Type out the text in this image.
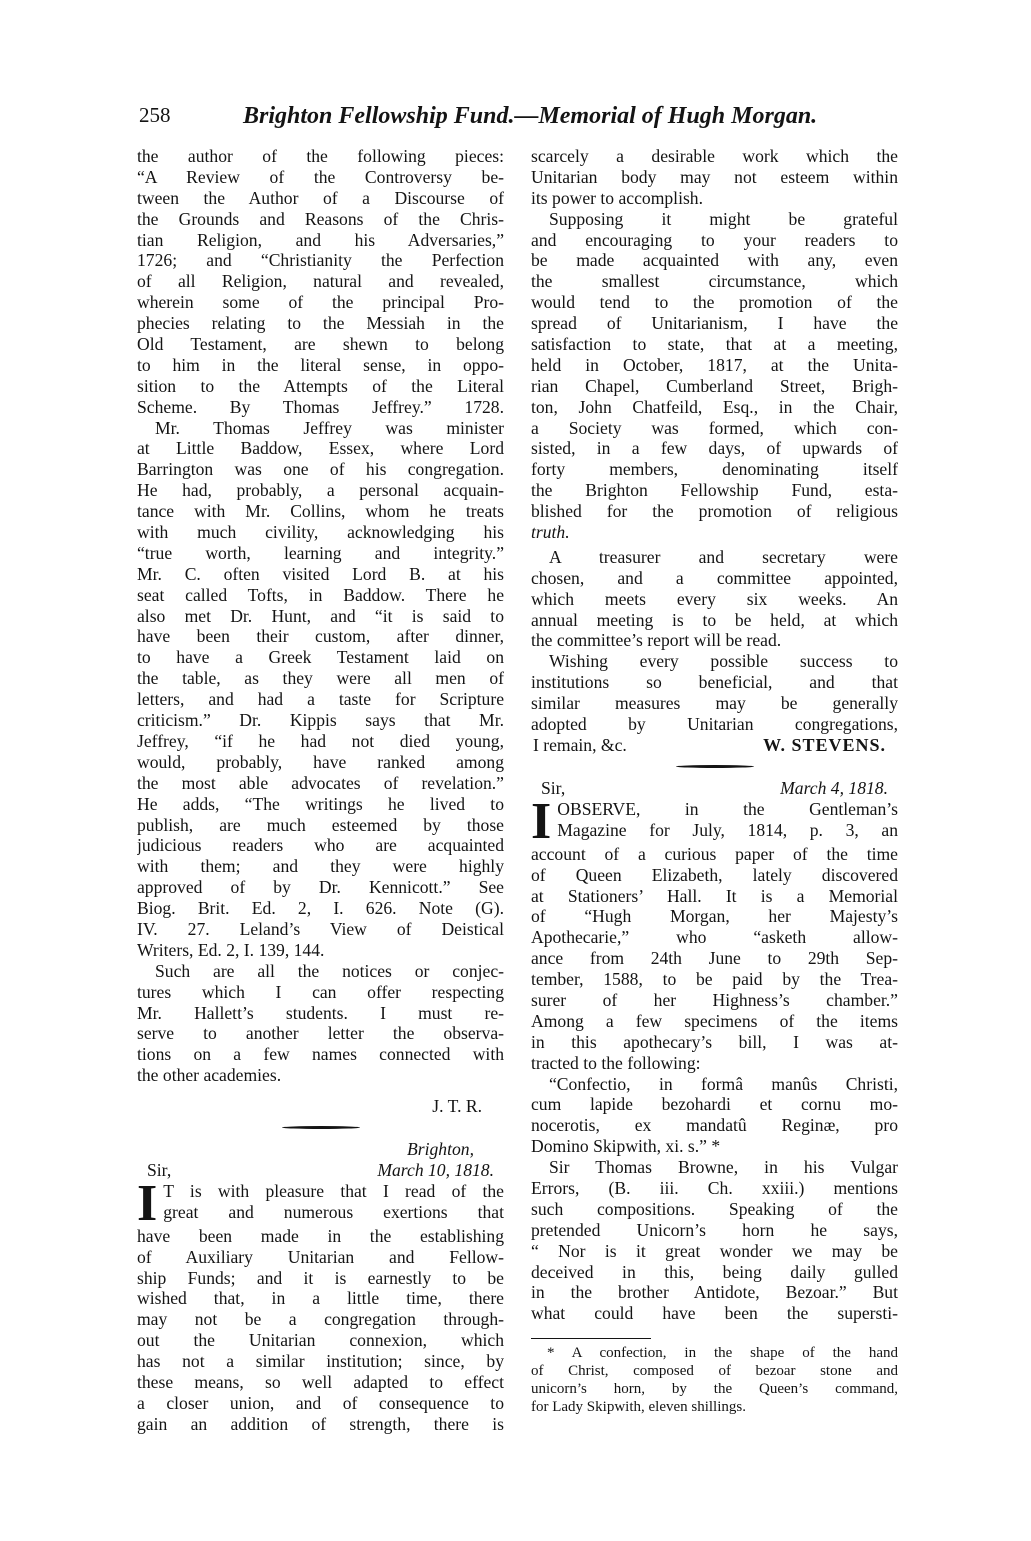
258	Brighton Fellowship Fund.—Memorial of Hugh Morgan.
the author of the following pieces:
“A Review of the Controversy be-
tween the Author of a Discourse of
the Grounds and Reasons of the Chris-
tian Religion, and his Adversaries,”
1726; and “Christianity the Perfection
of all Religion, natural and revealed,
wherein some of the principal Pro-
phecies relating to the Messiah in the
Old Testament, are shewn to belong
to him in the literal sense, in oppo-
sition to the Attempts of the Literal
Scheme. By Thomas Jeffrey.” 1728.
Mr. Thomas Jeffrey was minister
at Little Baddow, Essex, where Lord
Barrington was one of his congregation.
He had, probably, a personal acquain-
tance with Mr. Collins, whom he treats
with much civility, acknowledging his
“true worth, learning and integrity.”
Mr. C. often visited Lord B. at his
seat called Tofts, in Baddow. There he
also met Dr. Hunt, and “it is said to
have been their custom, after dinner,
to have a Greek Testament laid on
the table, as they were all men of
letters, and had a taste for Scripture
criticism.” Dr. Kippis says that Mr.
Jeffrey, “if he had not died young,
would, probably, have ranked among
the most able advocates of revelation.”
He adds, “The writings he lived to
publish, are much esteemed by those
judicious readers who are acquainted
with them; and they were highly
approved of by Dr. Kennicott.” See
Biog. Brit. Ed. 2, I. 626. Note (G).
IV. 27. Leland’s View of Deistical
Writers, Ed. 2, I. 139, 144.
Such are all the notices or conjec-
tures which I can offer respecting
Mr. Hallett’s students. I must re-
serve to another letter the observa-
tions on a few names connected with
the other academies.
J. T. R.
Brighton,
Sir,	March 10, 1818.
I T is with pleasure that I read of the
great and numerous exertions that
have been made in the establishing
of Auxiliary Unitarian and Fellow-
ship Funds; and it is earnestly to be
wished that, in a little time, there
may not be a congregation through-
out the Unitarian connexion, which
has not a similar institution; since, by
these means, so well adapted to effect
a closer union, and of consequence to
gain an addition of strength, there is
scarcely a desirable work which the
Unitarian body may not esteem within
its power to accomplish.
Supposing it might be grateful
and encouraging to your readers to
be made acquainted with any, even
the smallest circumstance, which
would tend to the promotion of the
spread of Unitarianism, I have the
satisfaction to state, that at a meeting,
held in October, 1817, at the Unita-
rian Chapel, Cumberland Street, Brigh-
ton, John Chatfeild, Esq., in the Chair,
a Society was formed, which con-
sisted, in a few days, of upwards of
forty members, denominating itself
the Brighton Fellowship Fund, esta-
blished for the promotion of religious
truth.
A treasurer and secretary were
chosen, and a committee appointed,
which meets every six weeks. An
annual meeting is to be held, at which
the committee’s report will be read.
Wishing every possible success to
institutions so beneficial, and that
similar measures may be generally
adopted by Unitarian congregations,
I remain, &c.	W. STEVENS.
Sir,	March 4, 1818.
I OBSERVE, in the Gentleman’s
Magazine for July, 1814, p. 3, an
account of a curious paper of the time
of Queen Elizabeth, lately discovered
at Stationers’ Hall. It is a Memorial
of “Hugh Morgan, her Majesty’s
Apothecarie,” who “asketh allow-
ance from 24th June to 29th Sep-
tember, 1588, to be paid by the Trea-
surer of her Highness’s chamber.”
Among a few specimens of the items
in this apothecary’s bill, I was at-
tracted to the following:
“Confectio, in formâ manûs Christi,
cum lapide bezohardi et cornu mo-
nocerotis, ex mandatû Reginæ, pro
Domino Skipwith, xi. s.” *
Sir Thomas Browne, in his Vulgar
Errors, (B. iii. Ch. xxiii.) mentions
such compositions. Speaking of the
pretended Unicorn’s horn he says,
“ Nor is it great wonder we may be
deceived in this, being daily gulled
in the brother Antidote, Bezoar.” But
what could have been the supersti-
* A confection, in the shape of the hand
of Christ, composed of bezoar stone and
unicorn’s horn, by the Queen’s command,
for Lady Skipwith, eleven shillings.
